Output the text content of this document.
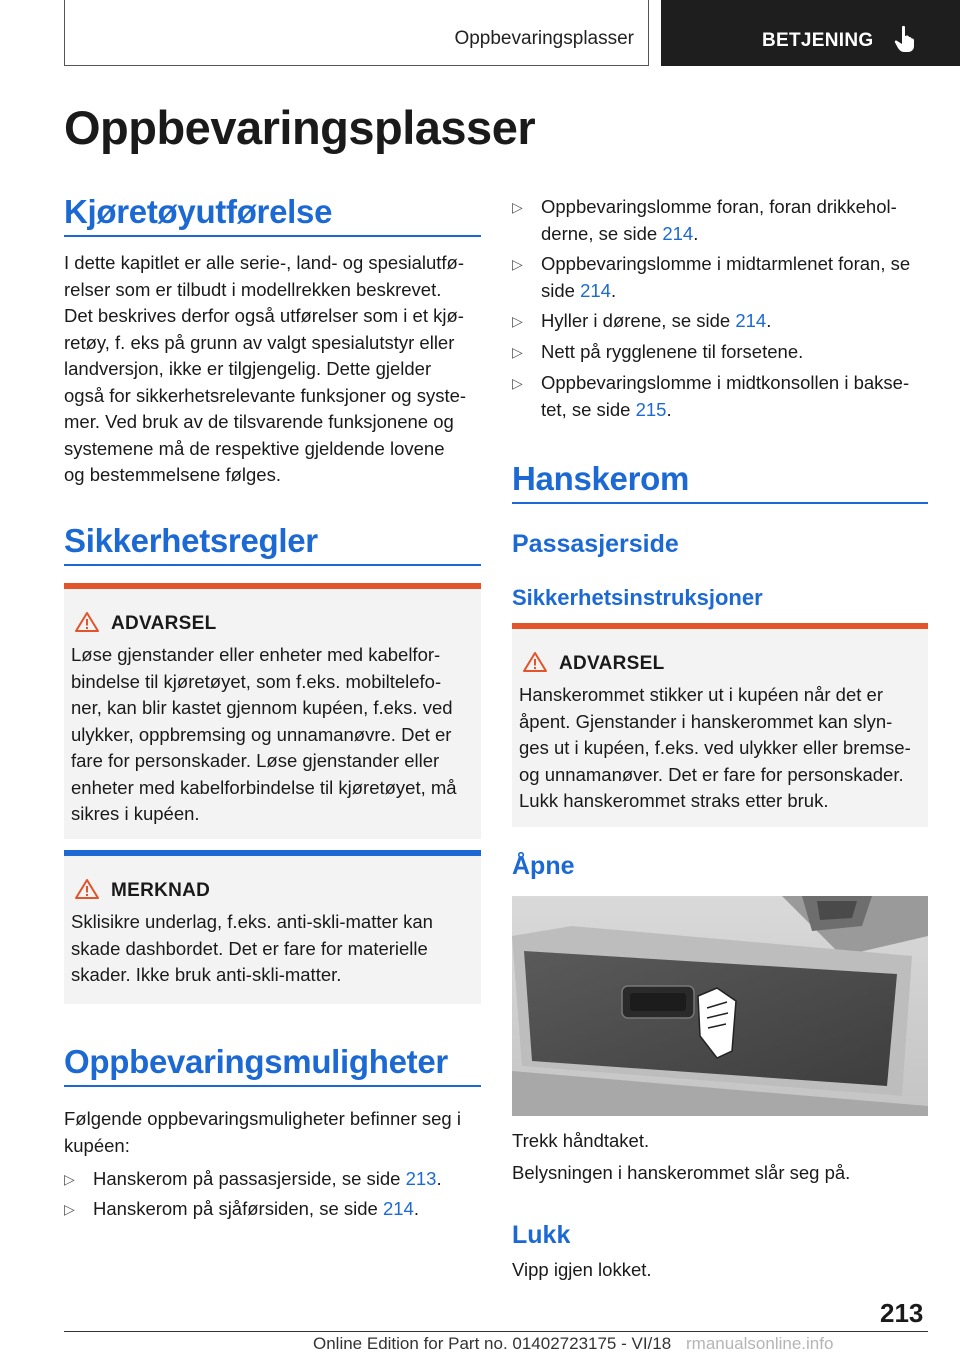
Oppbevaringsplasser	BETJENING
Oppbevaringsplasser
Kjøretøyutførelse
I dette kapitlet er alle serie-, land- og spesialutfø-
relser som er tilbudt i modellrekken beskrevet.
Det beskrives derfor også utførelser som i et kjø-
retøy, f. eks på grunn av valgt spesialutstyr eller
landversjon, ikke er tilgjengelig. Dette gjelder
også for sikkerhetsrelevante funksjoner og syste-
mer. Ved bruk av de tilsvarende funksjonene og
systemene må de respektive gjeldende lovene
og bestemmelsene følges.
Sikkerhetsregler
ADVARSEL
Løse gjenstander eller enheter med kabelfor-
bindelse til kjøretøyet, som f.eks. mobiltelefo-
ner, kan blir kastet gjennom kupéen, f.eks. ved
ulykker, oppbremsing og unnamanøvre. Det er
fare for personskader. Løse gjenstander eller
enheter med kabelforbindelse til kjøretøyet, må
sikres i kupéen.
MERKNAD
Sklisikre underlag, f.eks. anti-skli-matter kan
skade dashbordet. Det er fare for materielle
skader. Ikke bruk anti-skli-matter.
Oppbevaringsmuligheter
Følgende oppbevaringsmuligheter befinner seg i
kupéen:
▷ Hanskerom på passasjerside, se side 213.
▷ Hanskerom på sjåførsiden, se side 214.
▷ Oppbevaringslomme foran, foran drikkehol-
derne, se side 214.
▷ Oppbevaringslomme i midtarmlenet foran, se
side 214.
▷ Hyller i dørene, se side 214.
▷ Nett på rygglenene til forsetene.
▷ Oppbevaringslomme i midtkonsollen i bakse-
tet, se side 215.
Hanskerom
Passasjerside
Sikkerhetsinstruksjoner
ADVARSEL
Hanskerommet stikker ut i kupéen når det er
åpent. Gjenstander i hanskerommet kan slyn-
ges ut i kupéen, f.eks. ved ulykker eller bremse-
og unnamanøver. Det er fare for personskader.
Lukk hanskerommet straks etter bruk.
Åpne
Trekk håndtaket.
Belysningen i hanskerommet slår seg på.
Lukk
Vipp igjen lokket.
213
Online Edition for Part no. 01402723175 - VI/18 rmanualsonline.info
